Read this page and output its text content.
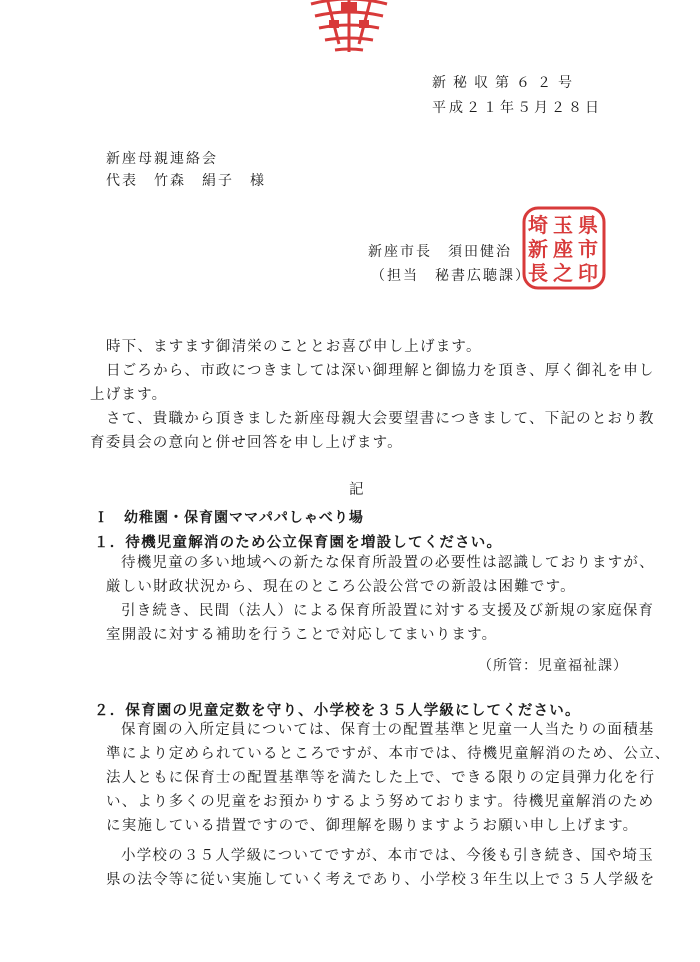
新秘収第６２号
平成２１年５月２８日
新座母親連絡会
代表　竹森　絹子　様
新座市長　須田健治
（担当　秘書広聴課）
県
市
印
玉
座
之
埼
新
長
時下、ますます御清栄のこととお喜び申し上げます。
日ごろから、市政につきましては深い御理解と御協力を頂き、厚く御礼を申し
上げます。
さて、貴職から頂きました新座母親大会要望書につきまして、下記のとおり教
育委員会の意向と併せ回答を申し上げます。
記
Ｉ　幼稚園・保育園ママパパしゃべり場
１．待機児童解消のため公立保育園を増設してください。
待機児童の多い地域への新たな保育所設置の必要性は認識しておりますが、
厳しい財政状況から、現在のところ公設公営での新設は困難です。
引き続き、民間（法人）による保育所設置に対する支援及び新規の家庭保育
室開設に対する補助を行うことで対応してまいります。
（所管：児童福祉課）
２．保育園の児童定数を守り、小学校を３５人学級にしてください。
保育園の入所定員については、保育士の配置基準と児童一人当たりの面積基
準により定められているところですが、本市では、待機児童解消のため、公立、
法人ともに保育士の配置基準等を満たした上で、できる限りの定員弾力化を行
い、より多くの児童をお預かりするよう努めております。待機児童解消のため
に実施している措置ですので、御理解を賜りますようお願い申し上げます。
小学校の３５人学級についてですが、本市では、今後も引き続き、国や埼玉
県の法令等に従い実施していく考えであり、小学校３年生以上で３５人学級を
